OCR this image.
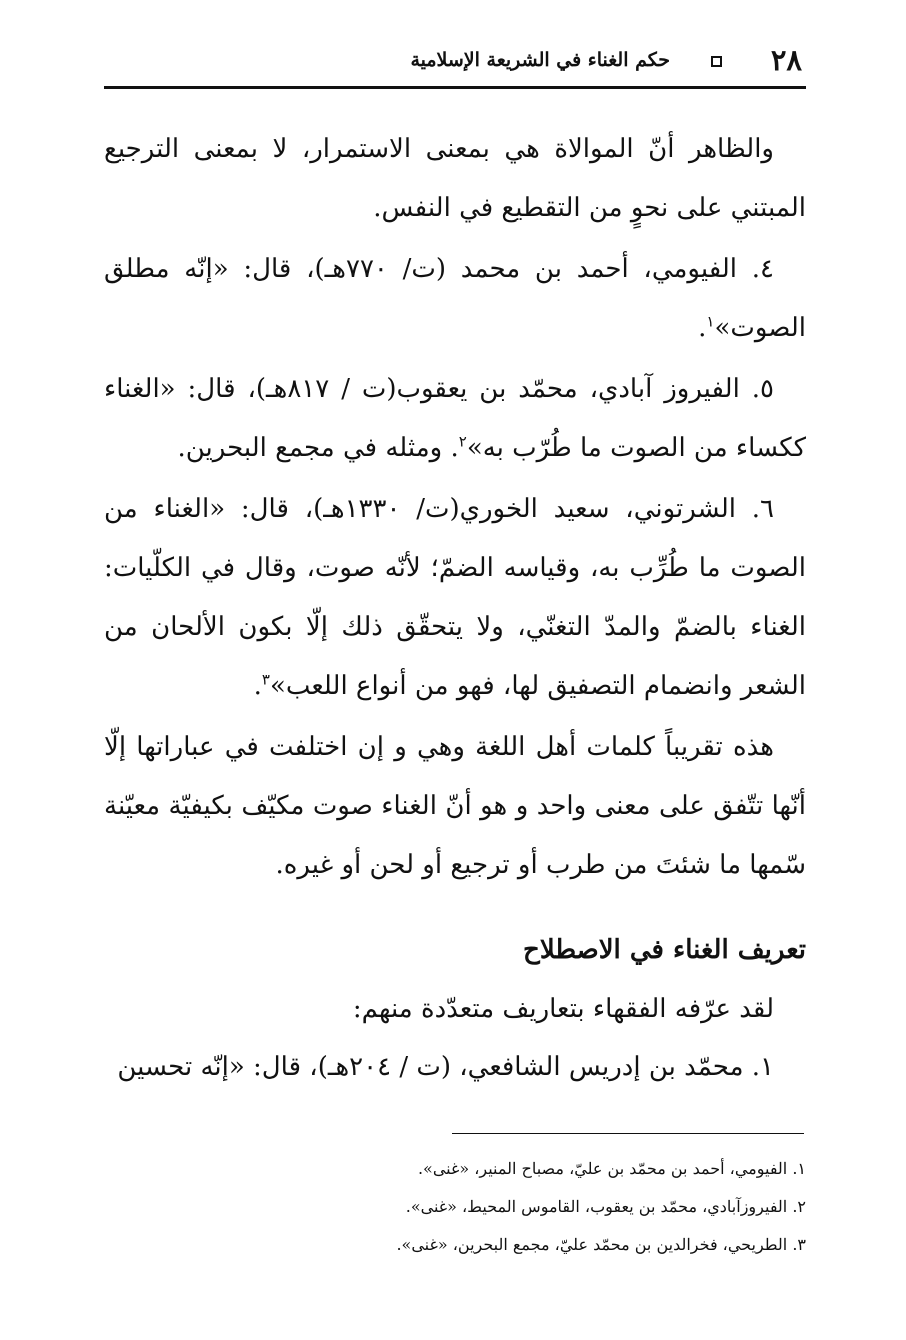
٢٨
حكم الغناء في الشريعة الإسلامية

والظاهر أنّ الموالاة هي بمعنى الاستمرار، لا بمعنى الترجيع المبتني على نحوٍ من التقطيع في النفس.

٤. الفيومي، أحمد بن محمد (ت/ ٧٧٠هـ)، قال: «إنّه مطلق الصوت»$^١$.

٥. الفيروز آبادي، محمّد بن يعقوب(ت / ٨١٧هـ)، قال: «الغناء ككساء من الصوت ما طُرّب به»$^٢$. ومثله في مجمع البحرين.

٦. الشرتوني، سعيد الخوري(ت/ ١٣٣٠هـ)، قال: «الغناء من الصوت ما طُرِّب به، وقياسه الضمّ؛ لأنّه صوت، وقال في الكلّيات: الغناء بالضمّ والمدّ التغنّي، ولا يتحقّق ذلك إلّا بكون الألحان من الشعر وانضمام التصفيق لها، فهو من أنواع اللعب»$^٣$.

هذه تقريباً كلمات أهل اللغة وهي و إن اختلفت في عباراتها إلّا أنّها تتّفق على معنى واحد و هو أنّ الغناء صوت مكيّف بكيفيّة معيّنة سّمها ما شئتَ من طرب أو ترجيع أو لحن أو غيره.

تعريف الغناء في الاصطلاح

لقد عرّفه الفقهاء بتعاريف متعدّدة منهم:

١. محمّد بن إدريس الشافعي، (ت / ٢٠٤هـ)، قال: «إنّه تحسين

١. الفيومي، أحمد بن محمّد بن عليّ، مصباح المنير، «غنى».

٢. الفيروزآبادي، محمّد بن يعقوب، القاموس المحيط، «غنى».

٣. الطريحي، فخرالدين بن محمّد عليّ، مجمع البحرين، «غنى».
